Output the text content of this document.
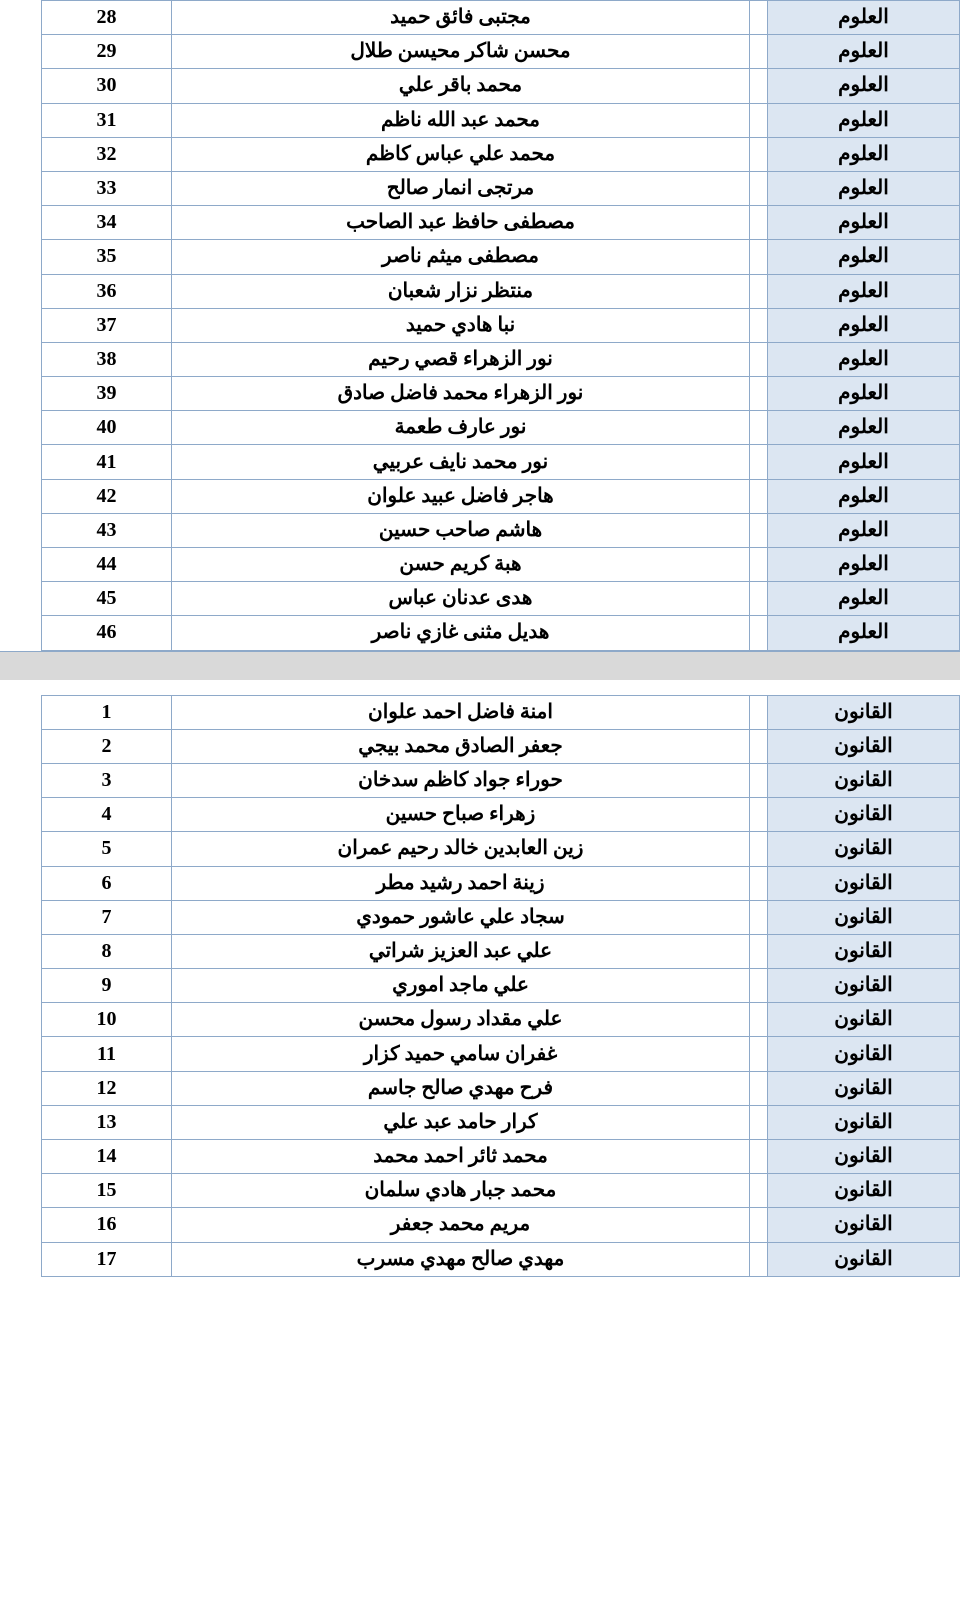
العلوم		مجتبى فائق حميد	28
العلوم		محسن شاكر محيسن طلال	29
العلوم		محمد باقر علي	30
العلوم		محمد عبد الله ناظم	31
العلوم		محمد علي عباس كاظم	32
العلوم		مرتجى انمار صالح	33
العلوم		مصطفى حافظ عبد الصاحب	34
العلوم		مصطفى ميثم ناصر	35
العلوم		منتظر نزار شعبان	36
العلوم		نبا هادي حميد	37
العلوم		نور الزهراء قصي رحيم	38
العلوم		نور الزهراء محمد فاضل صادق	39
العلوم		نور عارف طعمة	40
العلوم		نور محمد نايف عربيي	41
العلوم		هاجر فاضل عبيد علوان	42
العلوم		هاشم صاحب حسين	43
العلوم		هبة كريم حسن	44
العلوم		هدى عدنان عباس	45
العلوم		هديل مثنى غازي ناصر	46
القانون		امنة فاضل احمد علوان	1
القانون		جعفر الصادق محمد بيجي	2
القانون		حوراء جواد كاظم سدخان	3
القانون		زهراء صباح حسين	4
القانون		زين العابدين خالد رحيم عمران	5
القانون		زينة احمد رشيد مطر	6
القانون		سجاد علي عاشور حمودي	7
القانون		علي عبد العزيز شراتي	8
القانون		علي ماجد اموري	9
القانون		علي مقداد رسول محسن	10
القانون		غفران سامي حميد كزار	11
القانون		فرح مهدي صالح جاسم	12
القانون		كرار حامد عبد علي	13
القانون		محمد ثائر احمد محمد	14
القانون		محمد جبار هادي سلمان	15
القانون		مريم محمد جعفر	16
القانون		مهدي صالح مهدي مسرب	17
